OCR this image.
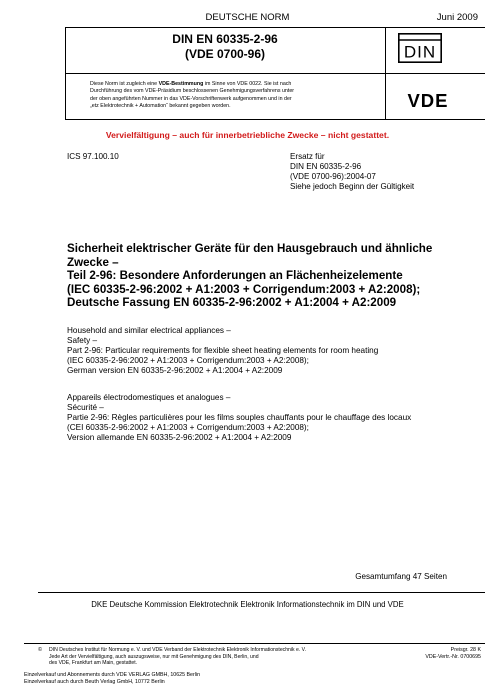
DEUTSCHE NORM	Juni 2009
DIN EN 60335-2-96
(VDE 0700-96)	DIN
Diese Norm ist zugleich eine VDE-Bestimmung im Sinne von VDE 0022. Sie ist nach
Durchführung des vom VDE-Präsidium beschlossenen Genehmigungsverfahrens unter
der oben angeführten Nummer in das VDE-Vorschriftenwerk aufgenommen und in der
„etz Elektrotechnik + Automation“ bekannt gegeben worden.	VDE
Vervielfältigung – auch für innerbetriebliche Zwecke – nicht gestattet.
ICS 97.100.10	Ersatz für
DIN EN 60335-2-96
(VDE 0700-96):2004-07
Siehe jedoch Beginn der Gültigkeit
Sicherheit elektrischer Geräte für den Hausgebrauch und ähnliche
Zwecke –
Teil 2-96: Besondere Anforderungen an Flächenheizelemente
(IEC 60335-2-96:2002 + A1:2003 + Corrigendum:2003 + A2:2008);
Deutsche Fassung EN 60335-2-96:2002 + A1:2004 + A2:2009
Household and similar electrical appliances –
Safety –
Part 2-96: Particular requirements for flexible sheet heating elements for room heating
(IEC 60335-2-96:2002 + A1:2003 + Corrigendum:2003 + A2:2008);
German version EN 60335-2-96:2002 + A1:2004 + A2:2009
Appareils électrodomestiques et analogues –
Sécurité –
Partie 2-96: Règles particulières pour les films souples chauffants pour le chauffage des locaux
(CEI 60335-2-96:2002 + A1:2003 + Corrigendum:2003 + A2:2008);
Version allemande EN 60335-2-96:2002 + A1:2004 + A2:2009
Gesamtumfang 47 Seiten
DKE Deutsche Kommission Elektrotechnik Elektronik Informationstechnik im DIN und VDE
© DIN Deutsches Institut für Normung e. V. und VDE Verband der Elektrotechnik Elektronik Informationstechnik e. V.
Jede Art der Vervielfältigung, auch auszugsweise, nur mit Genehmigung des DIN, Berlin, und
des VDE, Frankfurt am Main, gestattet.
Preisgr. 28 K
VDE-Vertr.-Nr. 0700695
Einzelverkauf und Abonnements durch VDE VERLAG GMBH, 10625 Berlin
Einzelverkauf auch durch Beuth Verlag GmbH, 10772 Berlin
